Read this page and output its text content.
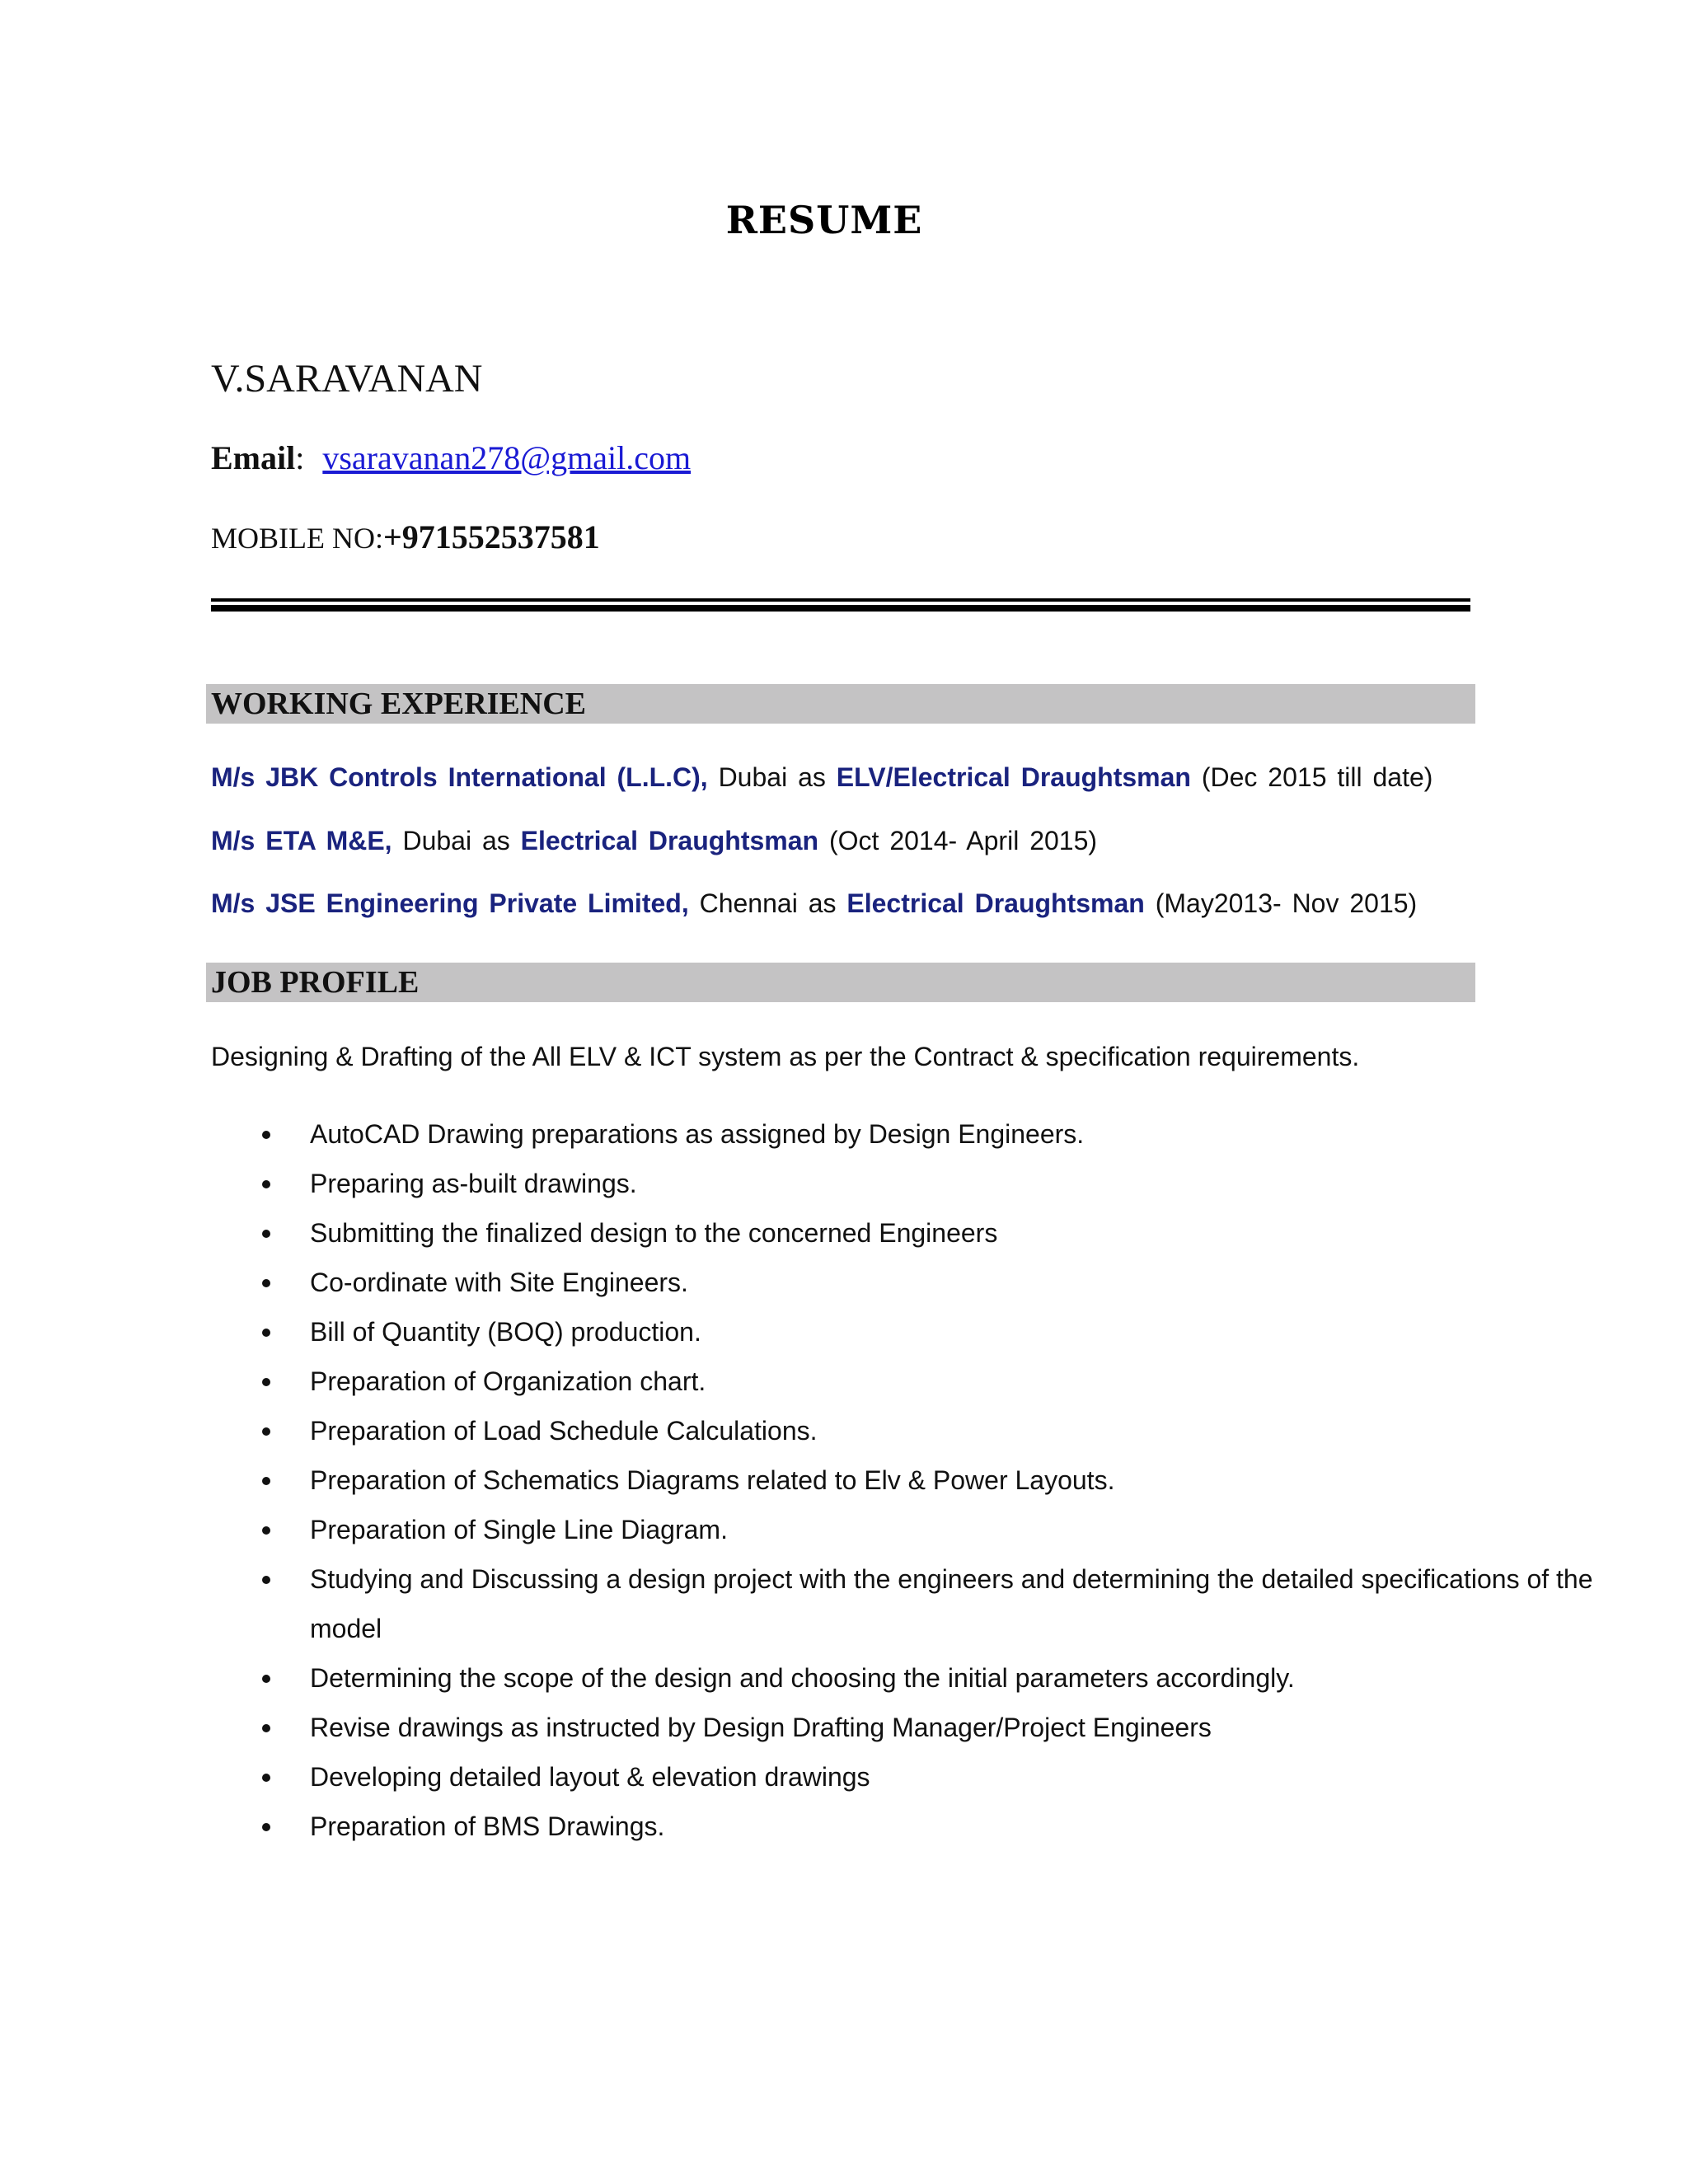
RESUME
V.SARAVANAN
Email: vsaravanan278@gmail.com
MOBILE NO:+971552537581
WORKING EXPERIENCE
M/s JBK Controls International (L.L.C), Dubai as ELV/Electrical Draughtsman (Dec 2015 till date)
M/s ETA M&E, Dubai as Electrical Draughtsman (Oct 2014- April 2015)
M/s JSE Engineering Private Limited, Chennai as Electrical Draughtsman (May2013- Nov 2015)
JOB PROFILE
Designing & Drafting of the All ELV & ICT system as per the Contract & specification requirements.
AutoCAD Drawing preparations as assigned by Design Engineers.
Preparing as-built drawings.
Submitting the finalized design to the concerned Engineers
Co-ordinate with Site Engineers.
Bill of Quantity (BOQ) production.
Preparation of Organization chart.
Preparation of Load Schedule Calculations.
Preparation of Schematics Diagrams related to Elv & Power Layouts.
Preparation of Single Line Diagram.
Studying and Discussing a design project with the engineers and determining the detailed specifications of the model
Determining the scope of the design and choosing the initial parameters accordingly.
Revise drawings as instructed by Design Drafting Manager/Project Engineers
Developing detailed layout & elevation drawings
Preparation of BMS Drawings.
